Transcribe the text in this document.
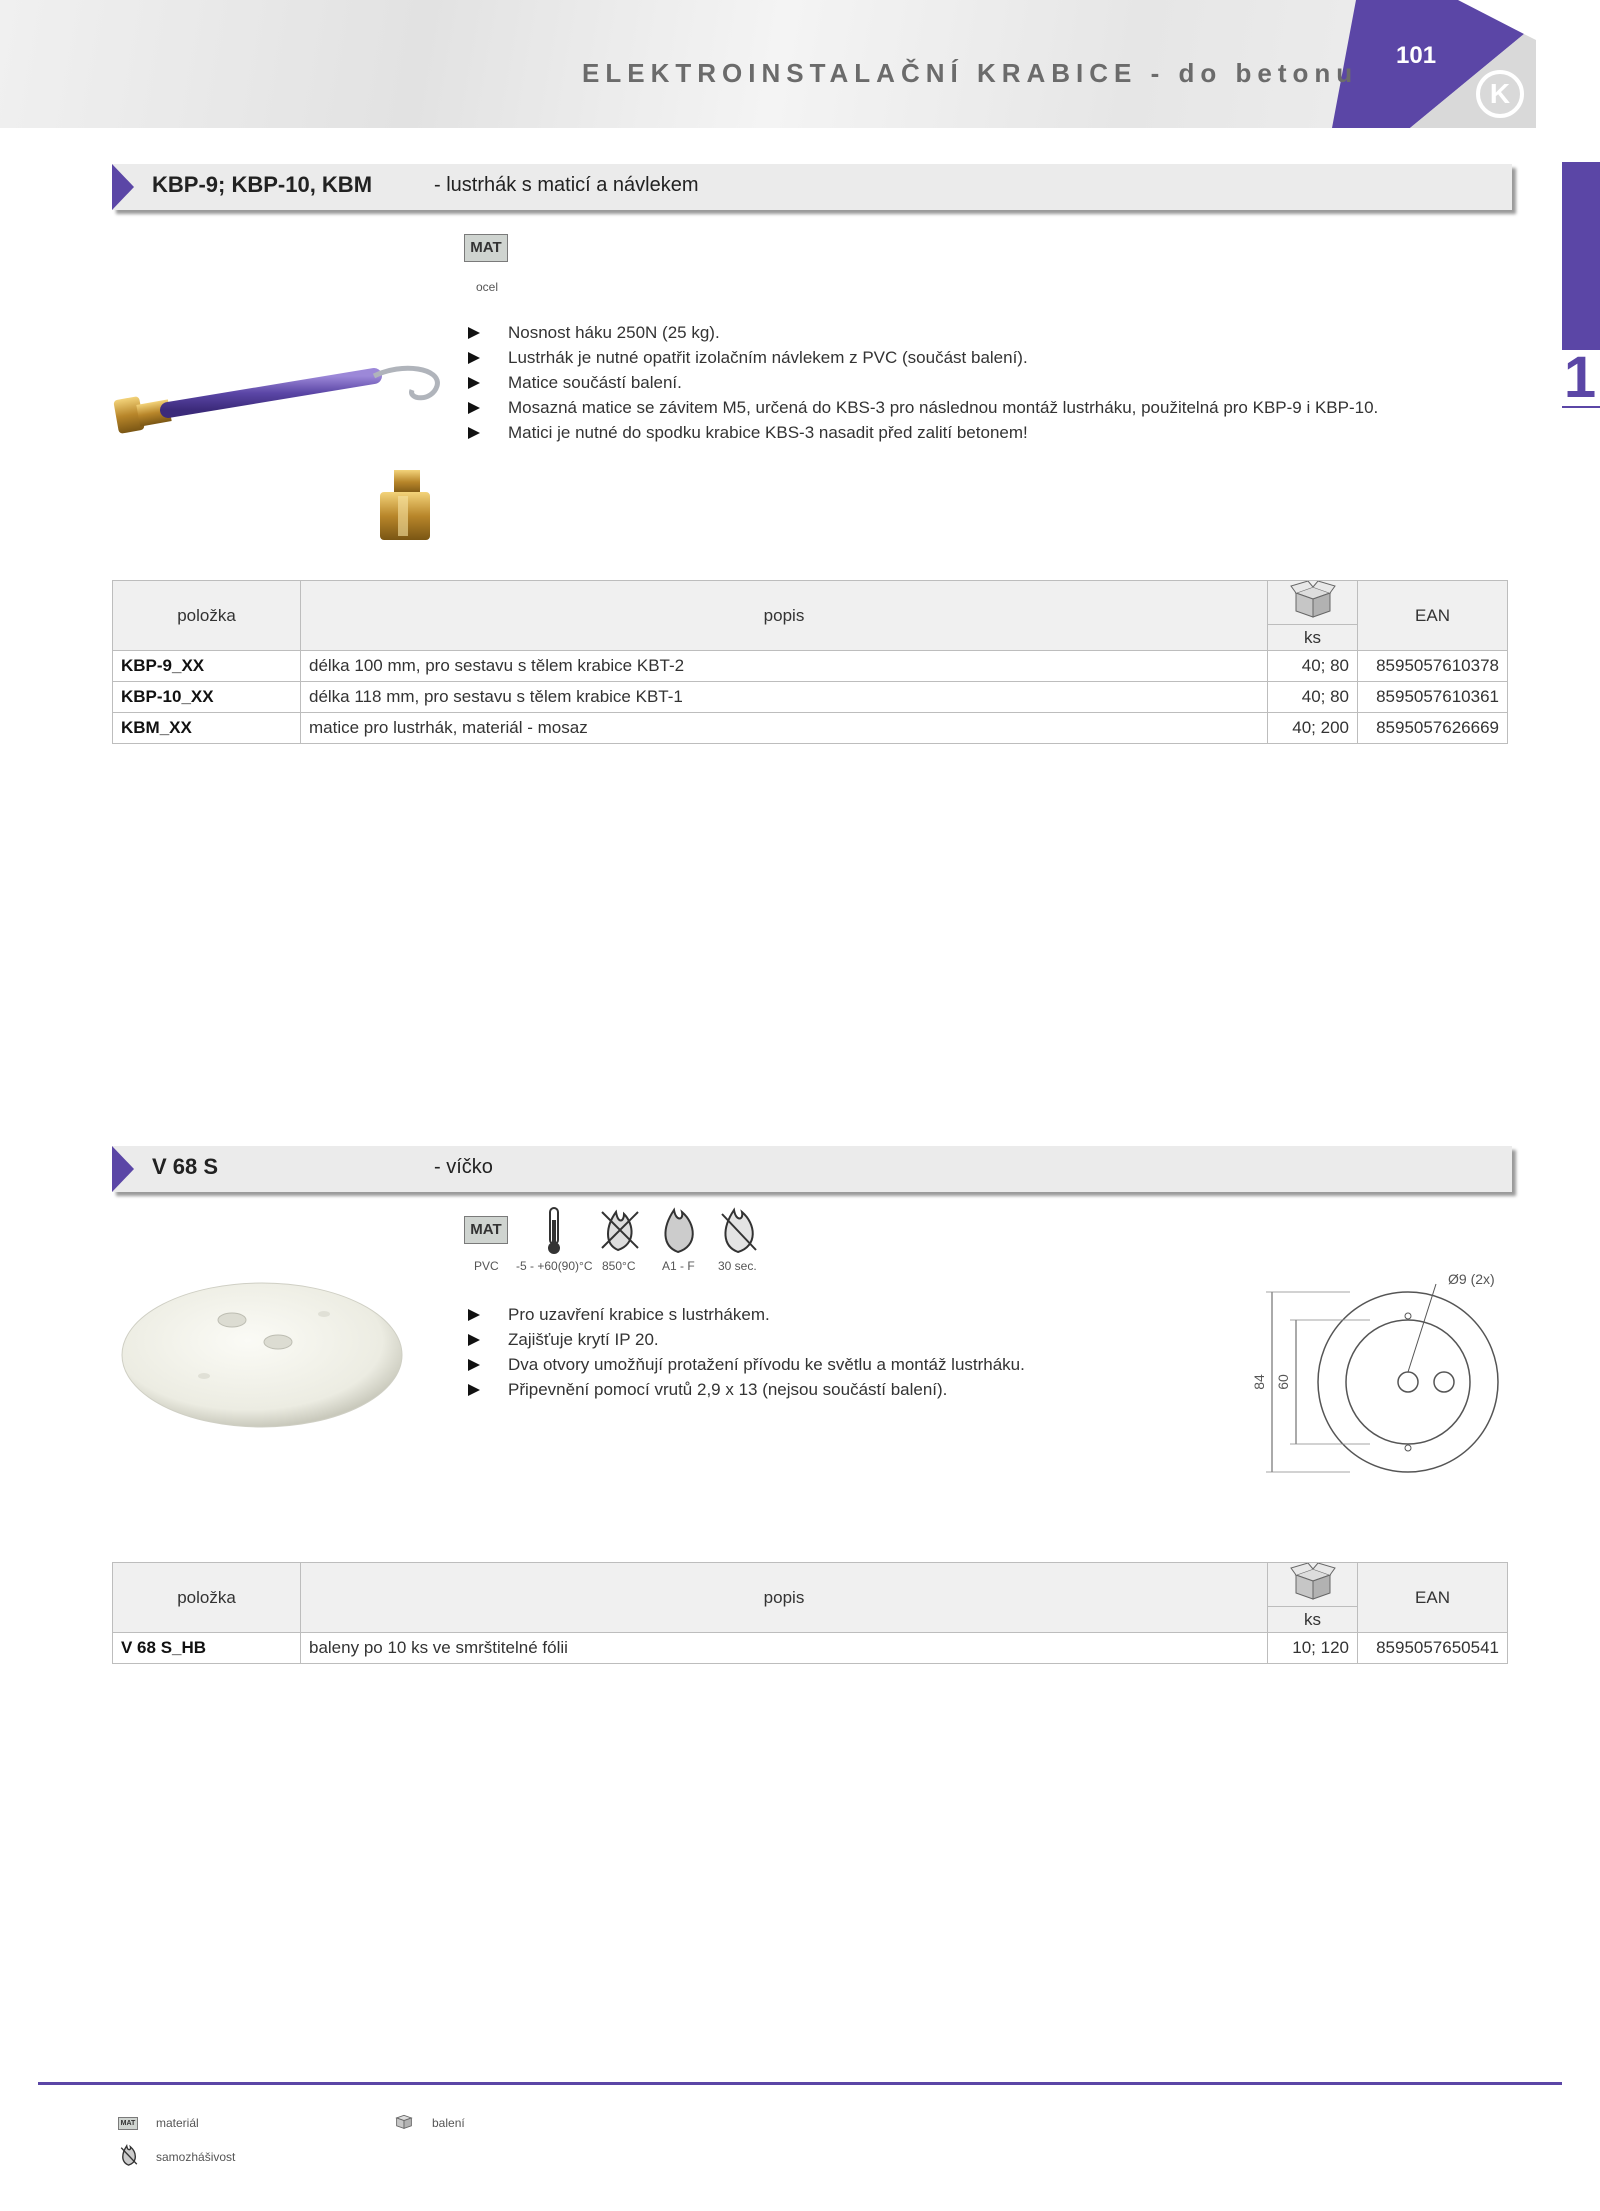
ELEKTROINSTALAČNÍ KRABICE - do betonu
101
K
1
KBP-9; KBP-10, KBM	- lustrhák s maticí a návlekem
MAT
ocel
Nosnost háku 250N (25 kg).
Lustrhák je nutné opatřit izolačním návlekem z PVC (součást balení).
Matice součástí balení.
Mosazná matice se závitem M5, určená do KBS-3 pro následnou montáž lustrháku, použitelná pro KBP-9 i KBP-10.
Matici je nutné do spodku krabice KBS-3 nasadit před zalití betonem!
položka	popis		EAN
		ks	
KBP-9_XX	délka 100 mm, pro sestavu s tělem krabice KBT-2	40; 80	8595057610378
KBP-10_XX	délka 118 mm, pro sestavu s tělem krabice KBT-1	40; 80	8595057610361
KBM_XX	matice pro lustrhák, materiál - mosaz	40; 200	8595057626669
V 68 S	- víčko
MAT
PVC -5 - +60(90)°C 850°C A1 - F 30 sec.
Pro uzavření krabice s lustrhákem.
Zajišťuje krytí IP 20.
Dva otvory umožňují protažení přívodu ke světlu a montáž lustrháku.
Připevnění pomocí vrutů 2,9 x 13 (nejsou součástí balení).
Ø9 (2x)
84 60
položka	popis		EAN
		ks	
V 68 S_HB	baleny po 10 ks ve smrštitelné fólii	10; 120	8595057650541
MAT materiál	balení
samozhášivost
